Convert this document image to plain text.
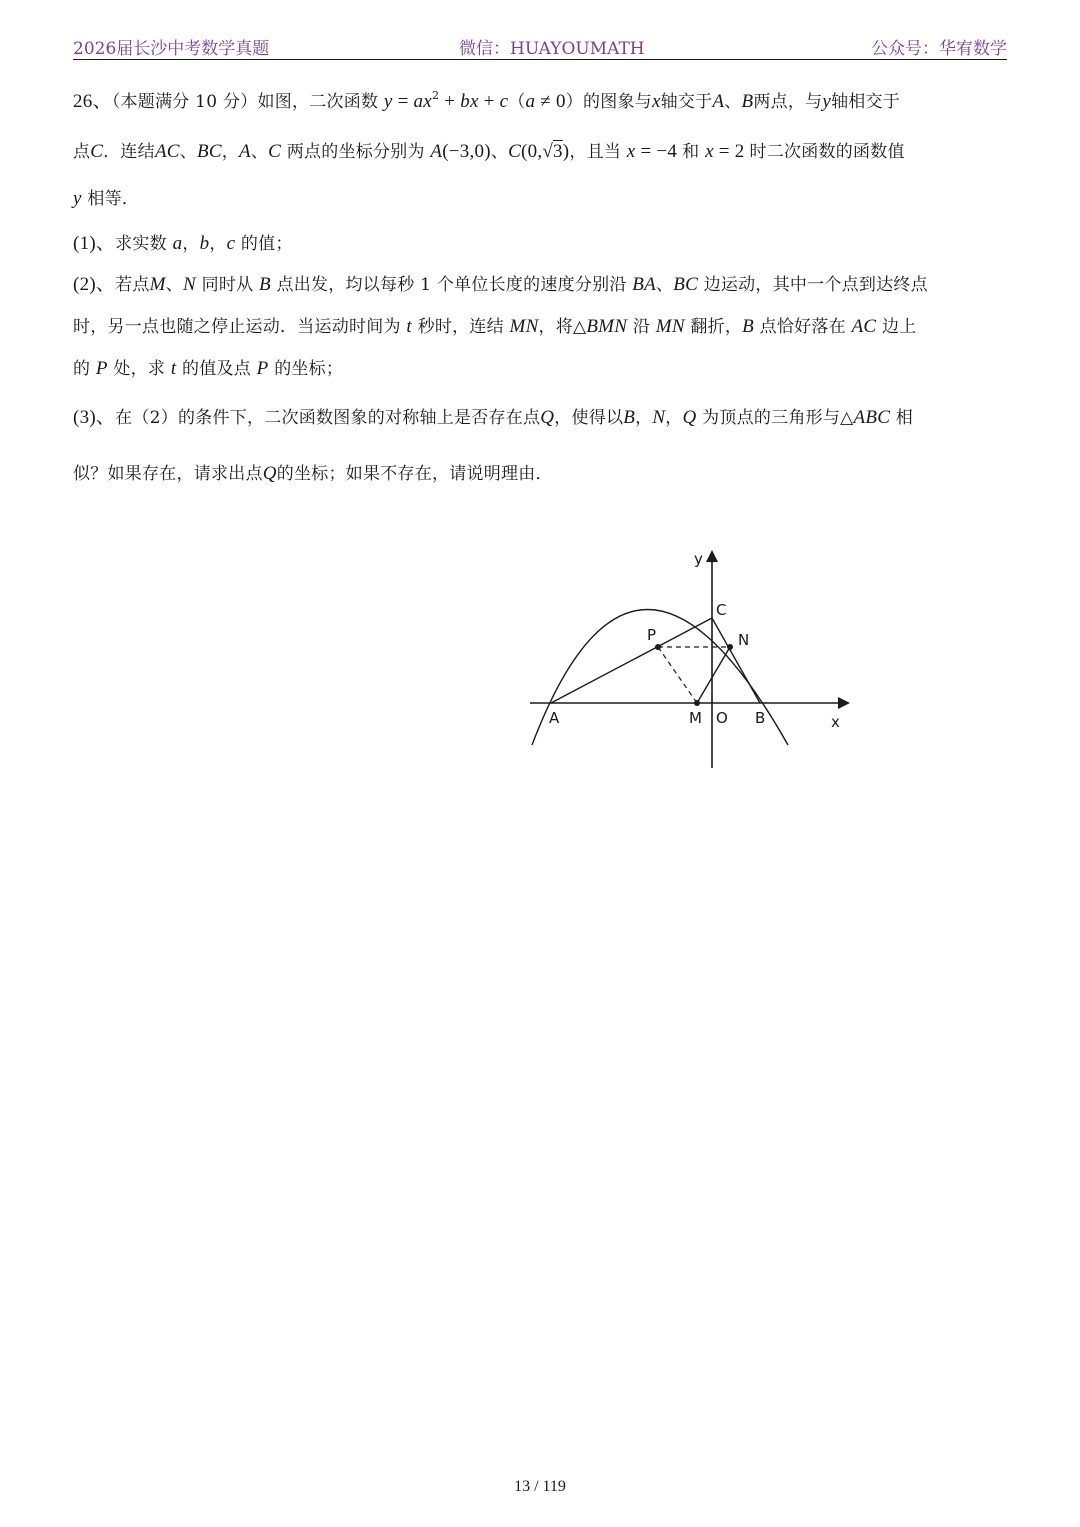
2026届长沙中考数学真题	微信：HUAYOUMATH	公众号：华宥数学
26、（本题满分 10 分）如图，二次函数 $y = ax^2$ + bx + c（a ≠ 0）的图象与x轴交于A、B两点，与y轴相交于
点C．连结AC、BC，A、C 两点的坐标分别为 A(−3,0)、C(0,√3)，且当 x = −4 和 x = 2 时二次函数的函数值
y 相等．
(1)、求实数 a，b，c 的值；
(2)、若点M、N 同时从 B 点出发，均以每秒 1 个单位长度的速度分别沿 BA、BC 边运动，其中一个点到达终点
时，另一点也随之停止运动．当运动时间为 t 秒时，连结 MN，将△BMN 沿 MN 翻折，B 点恰好落在 AC 边上
的 P 处，求 t 的值及点 P 的坐标；
(3)、在（2）的条件下，二次函数图象的对称轴上是否存在点Q，使得以B，N，Q 为顶点的三角形与△ABC 相
似？如果存在，请求出点Q的坐标；如果不存在，请说明理由．
y
x
C
P	N
A	M O B
13 / 119
